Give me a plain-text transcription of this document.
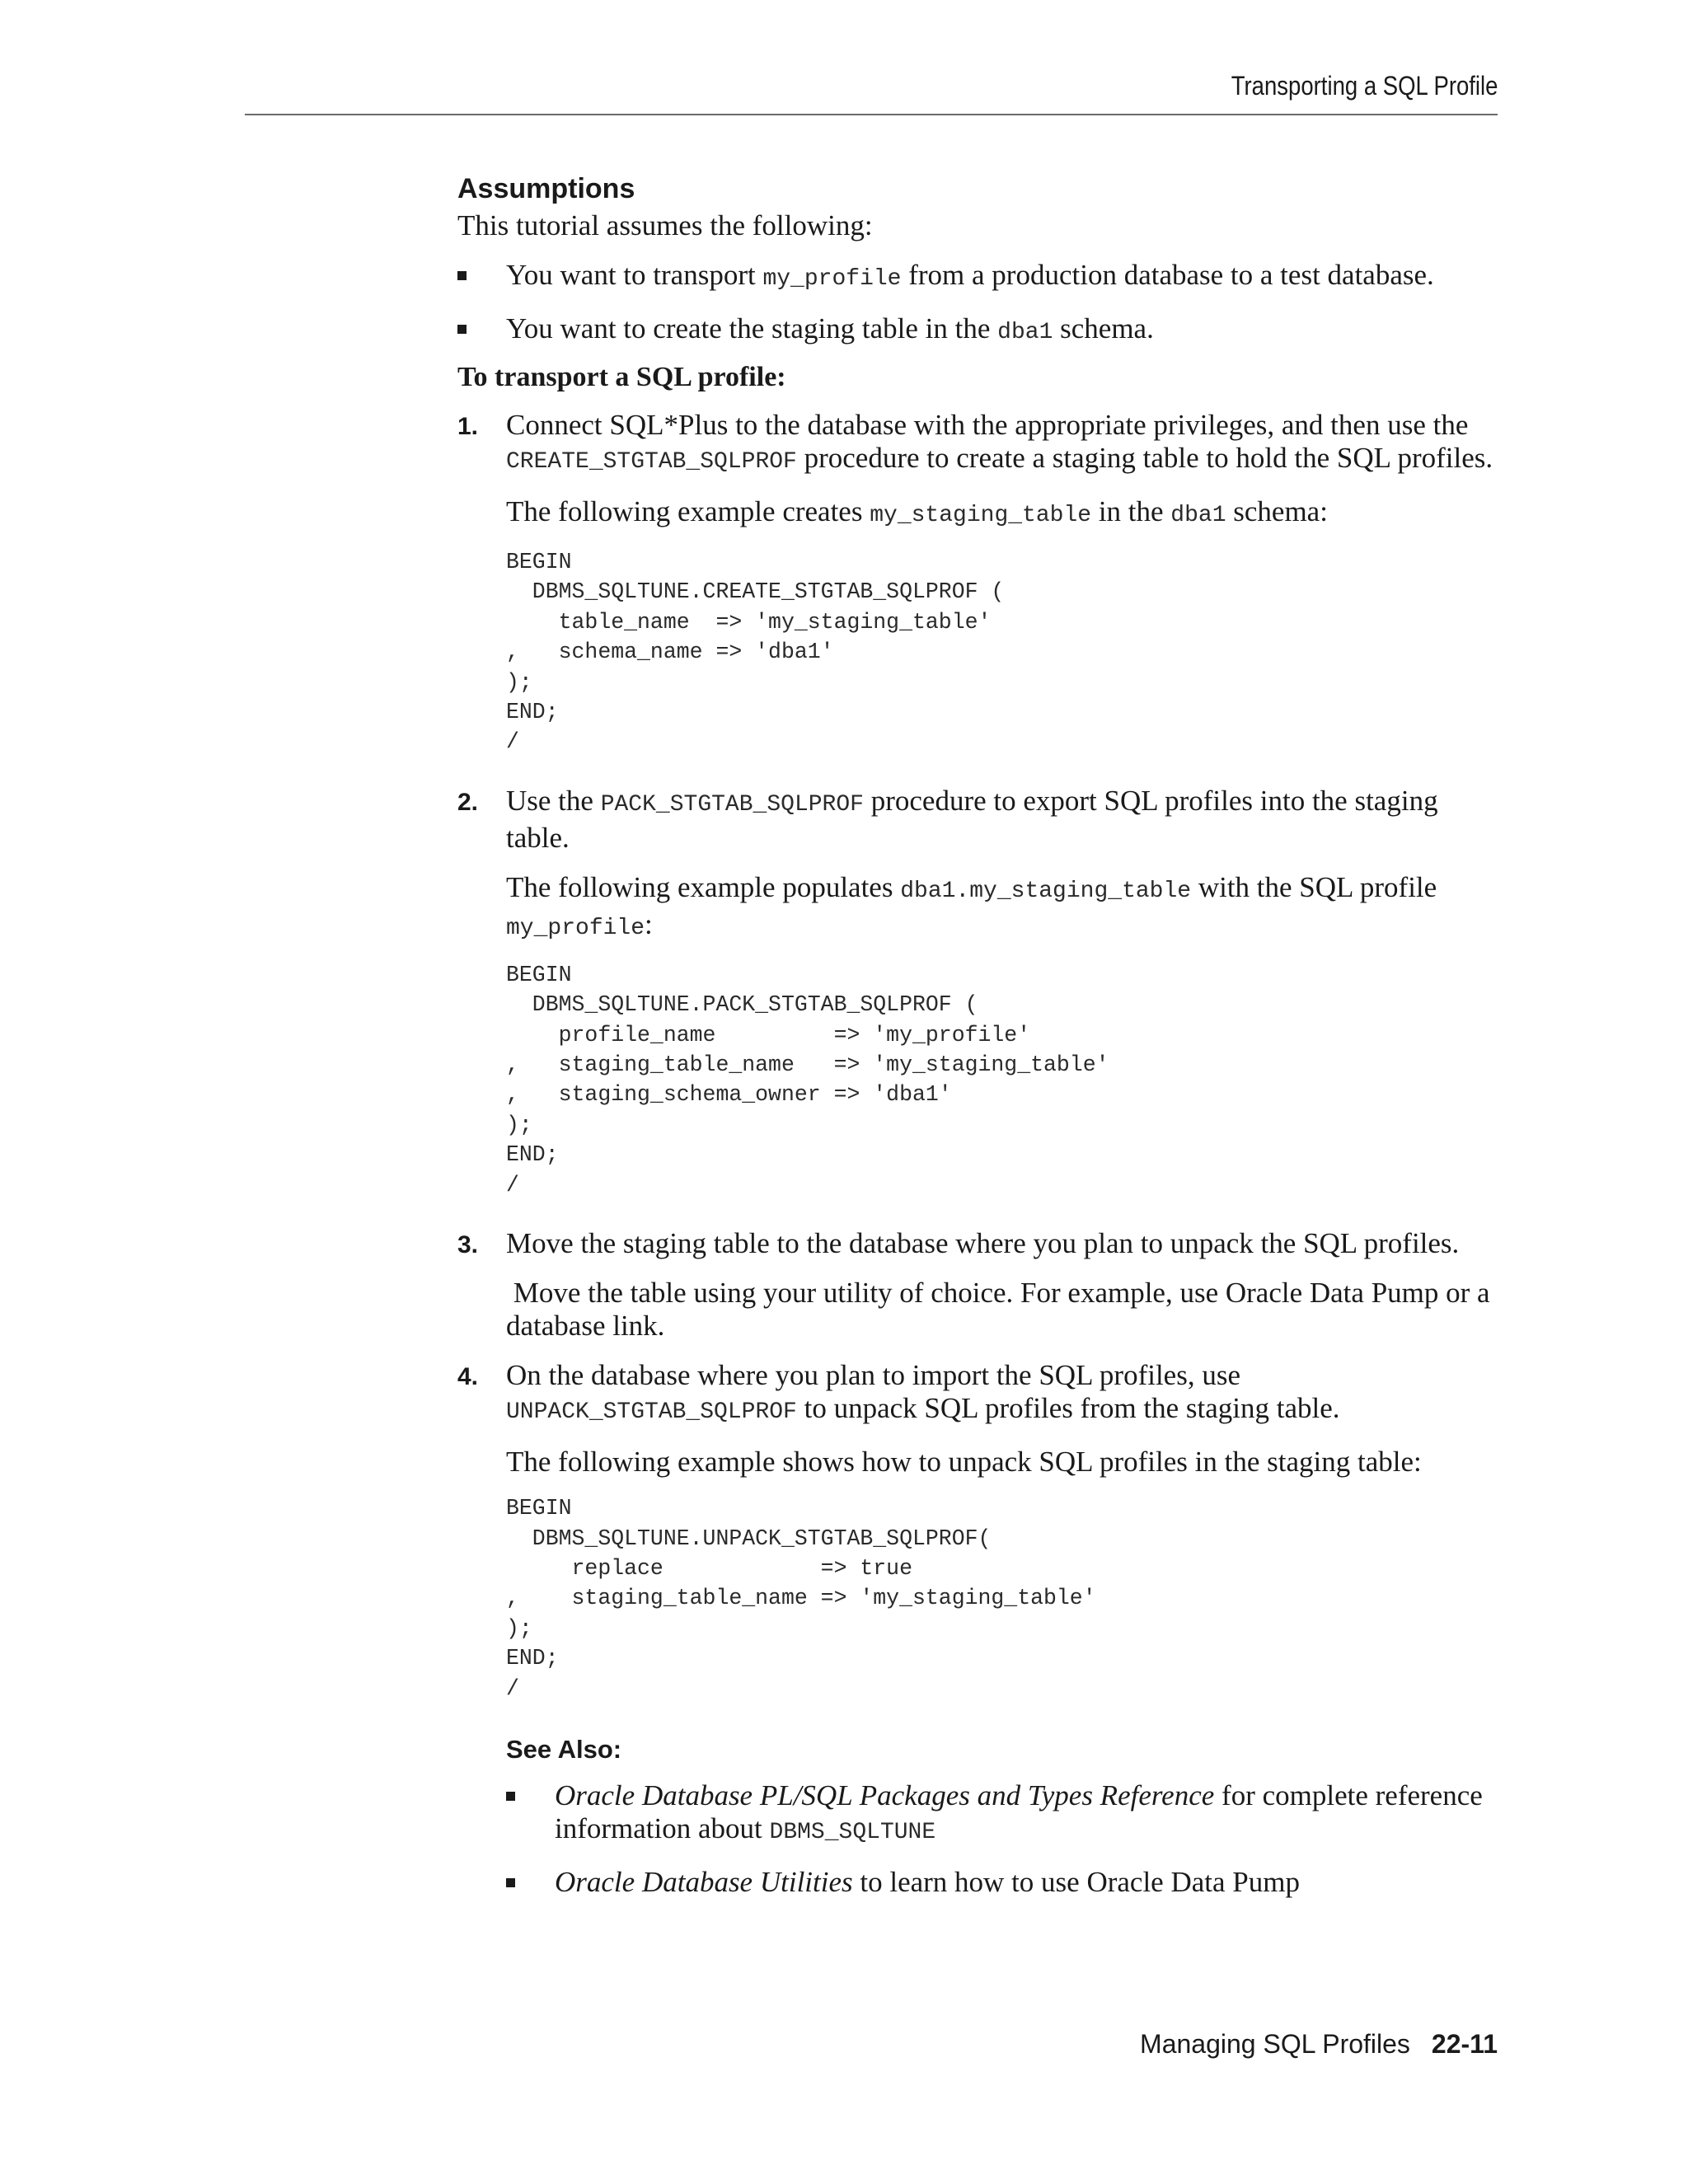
Transporting a SQL Profile
Assumptions

This tutorial assumes the following:

You want to transport my_profile from a production database to a test database.
You want to create the staging table in the dba1 schema.
To transport a SQL profile:
1. Connect SQL*Plus to the database with the appropriate privileges, and then use the CREATE_STGTAB_SQLPROF procedure to create a staging table to hold the SQL profiles.
The following example creates my_staging_table in the dba1 schema:
BEGIN
DBMS_SQLTUNE.CREATE_STGTAB_SQLPROF (
table_name  => 'my_staging_table'
,   schema_name => 'dba1'
);
END;
/
2. Use the PACK_STGTAB_SQLPROF procedure to export SQL profiles into the staging table.
The following example populates dba1.my_staging_table with the SQL profile my_profile:
BEGIN
DBMS_SQLTUNE.PACK_STGTAB_SQLPROF (
profile_name         => 'my_profile'
,   staging_table_name   => 'my_staging_table'
,   staging_schema_owner => 'dba1'
);
END;
/
3. Move the staging table to the database where you plan to unpack the SQL profiles.
Move the table using your utility of choice. For example, use Oracle Data Pump or a database link.
4. On the database where you plan to import the SQL profiles, use UNPACK_STGTAB_SQLPROF to unpack SQL profiles from the staging table.
The following example shows how to unpack SQL profiles in the staging table:
BEGIN
DBMS_SQLTUNE.UNPACK_STGTAB_SQLPROF(
replace            => true
,    staging_table_name => 'my_staging_table'
);
END;
/
See Also:
Oracle Database PL/SQL Packages and Types Reference for complete reference information about DBMS_SQLTUNE
Oracle Database Utilities to learn how to use Oracle Data Pump
Managing SQL Profiles 22-11
